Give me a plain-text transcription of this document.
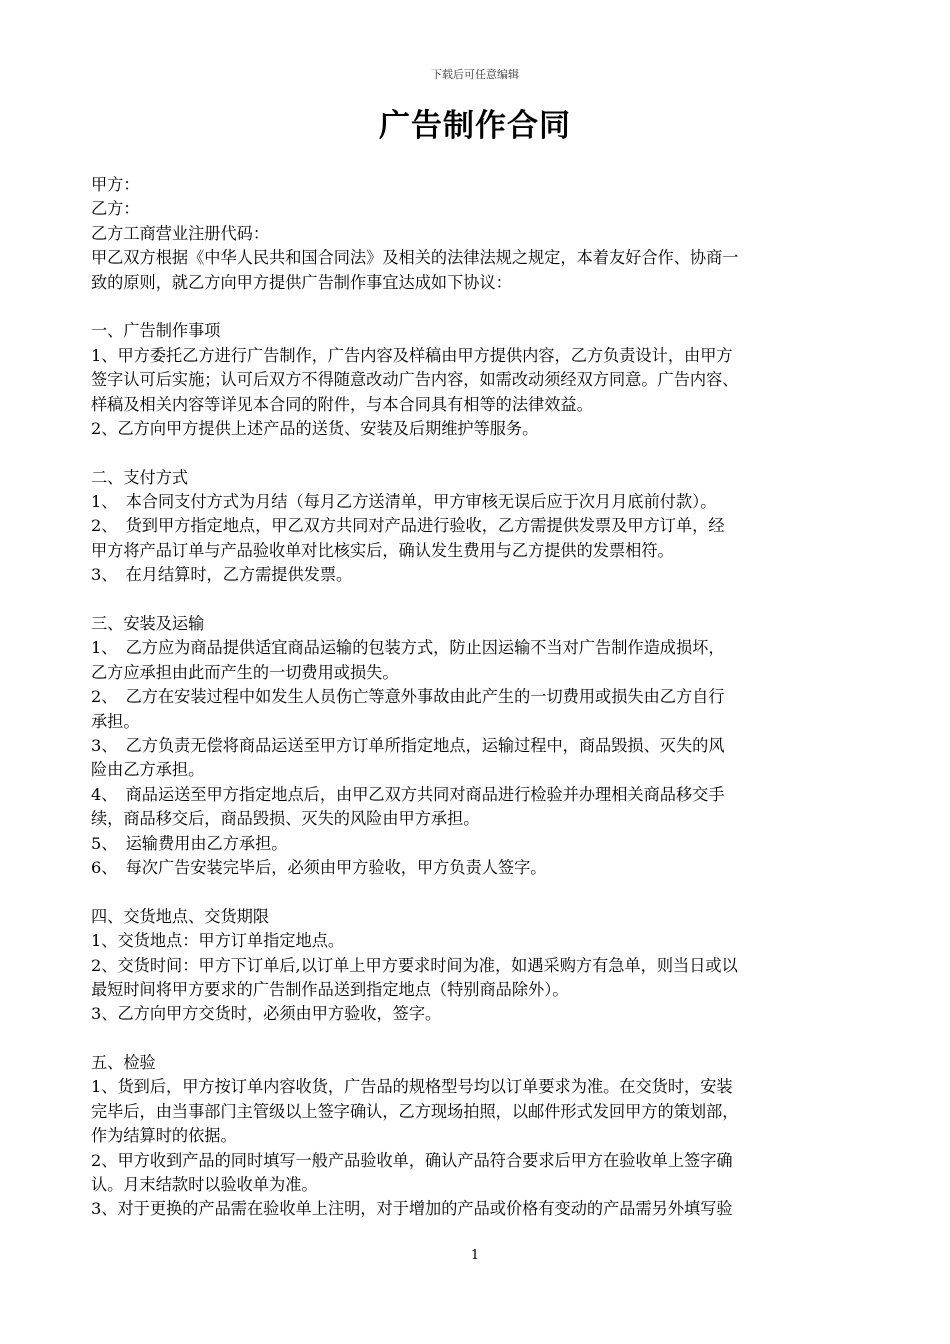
下载后可任意编辑
广告制作合同
甲方：
乙方：
乙方工商营业注册代码：
甲乙双方根据《中华人民共和国合同法》及相关的法律法规之规定，本着友好合作、协商一
致的原则，就乙方向甲方提供广告制作事宜达成如下协议：
一、广告制作事项
1、甲方委托乙方进行广告制作，广告内容及样稿由甲方提供内容，乙方负责设计，由甲方
签字认可后实施；认可后双方不得随意改动广告内容，如需改动须经双方同意。广告内容、
样稿及相关内容等详见本合同的附件，与本合同具有相等的法律效益。
2、乙方向甲方提供上述产品的送货、安装及后期维护等服务。
二、支付方式
1、　本合同支付方式为月结（每月乙方送清单，甲方审核无误后应于次月月底前付款）。
2、　货到甲方指定地点，甲乙双方共同对产品进行验收，乙方需提供发票及甲方订单，经
甲方将产品订单与产品验收单对比核实后，确认发生费用与乙方提供的发票相符。
3、　在月结算时，乙方需提供发票。
三、安装及运输
1、　乙方应为商品提供适宜商品运输的包装方式，防止因运输不当对广告制作造成损坏，
乙方应承担由此而产生的一切费用或损失。
2、　乙方在安装过程中如发生人员伤亡等意外事故由此产生的一切费用或损失由乙方自行
承担。
3、　乙方负责无偿将商品运送至甲方订单所指定地点，运输过程中，商品毁损、灭失的风
险由乙方承担。
4、　商品运送至甲方指定地点后，由甲乙双方共同对商品进行检验并办理相关商品移交手
续，商品移交后，商品毁损、灭失的风险由甲方承担。
5、　运输费用由乙方承担。
6、　每次广告安装完毕后，必须由甲方验收，甲方负责人签字。
四、交货地点、交货期限
1、交货地点：甲方订单指定地点。
2、交货时间：甲方下订单后,以订单上甲方要求时间为准，如遇采购方有急单，则当日或以
最短时间将甲方要求的广告制作品送到指定地点（特别商品除外）。
3、乙方向甲方交货时，必须由甲方验收，签字。
五、检验
1、货到后，甲方按订单内容收货，广告品的规格型号均以订单要求为准。在交货时，安装
完毕后，由当事部门主管级以上签字确认，乙方现场拍照，以邮件形式发回甲方的策划部，
作为结算时的依据。
2、甲方收到产品的同时填写一般产品验收单，确认产品符合要求后甲方在验收单上签字确
认。月末结款时以验收单为准。
3、对于更换的产品需在验收单上注明，对于增加的产品或价格有变动的产品需另外填写验
1
